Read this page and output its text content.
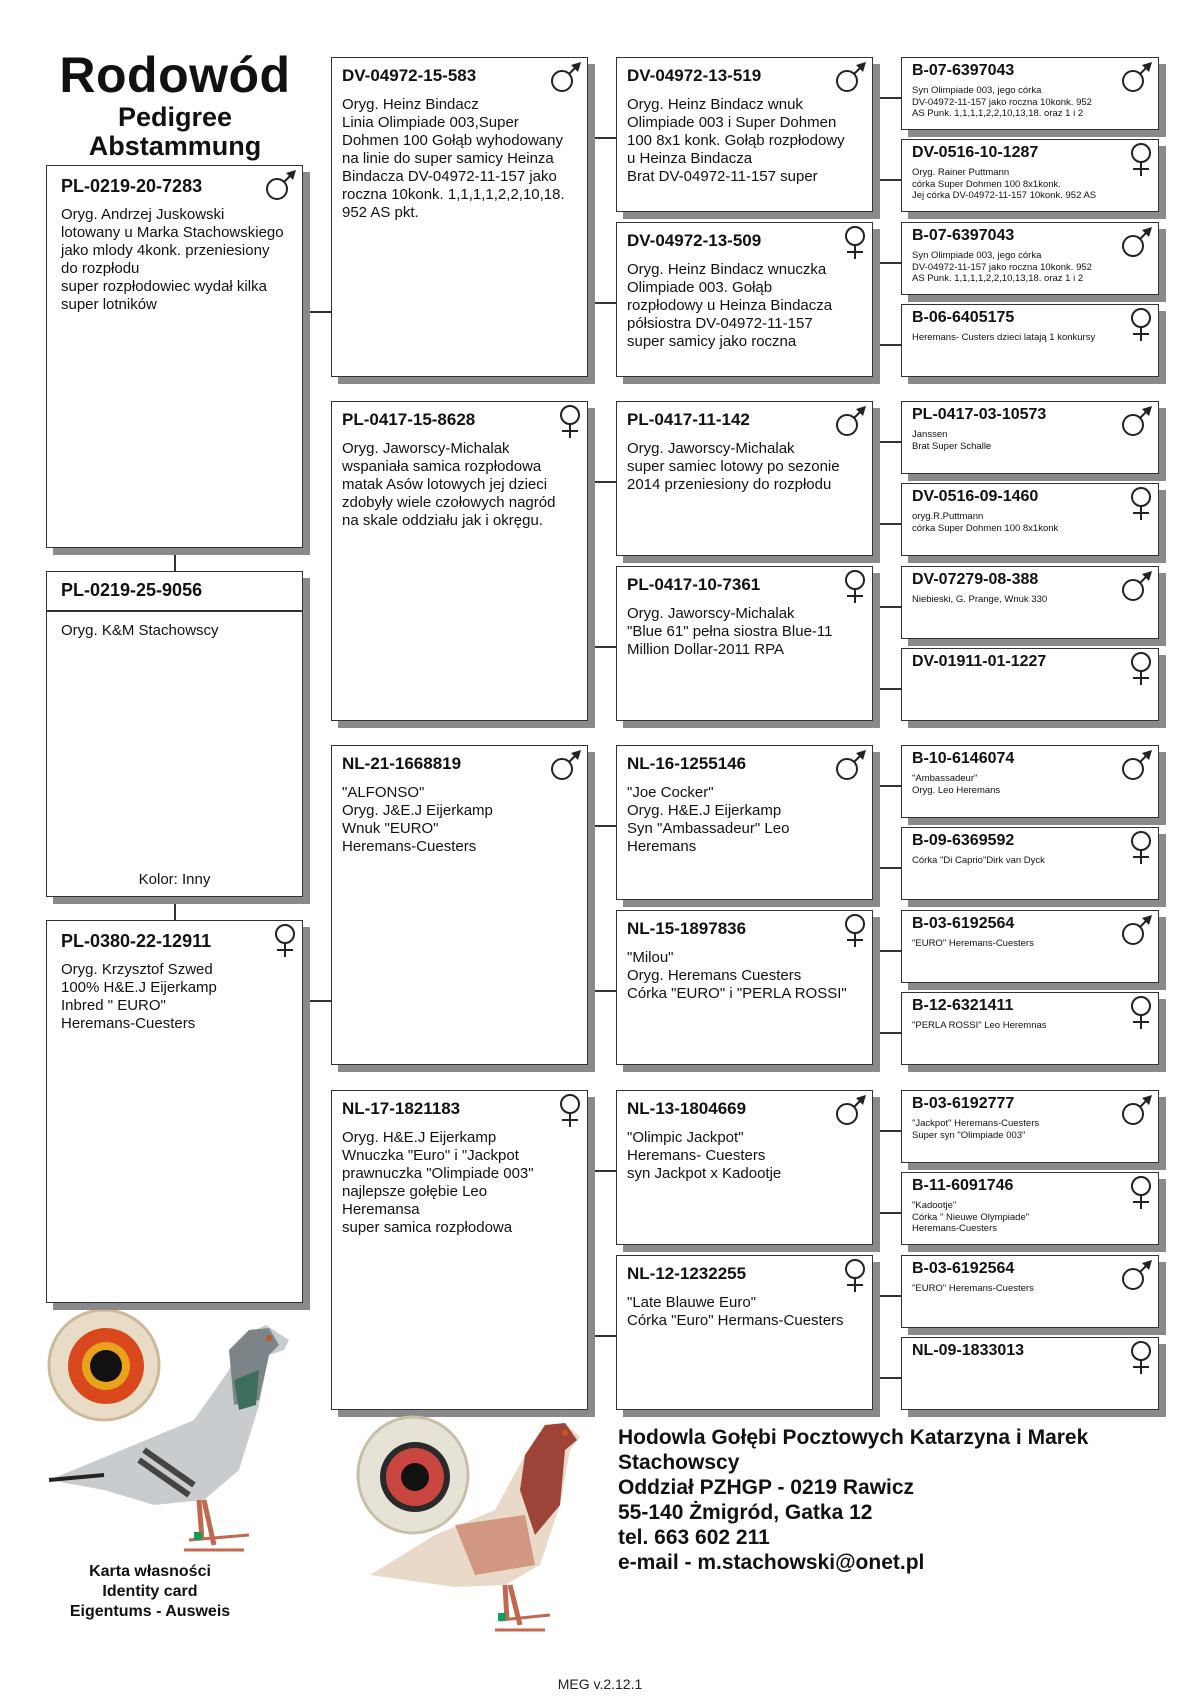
Rodowód
Pedigree
Abstammung
PL-0219-20-7283
Oryg. Andrzej Juskowski
lotowany u Marka Stachowskiego
jako mlody 4konk. przeniesiony
do rozpłodu
super rozpłodowiec wydał kilka
super lotników
PL-0219-25-9056
Oryg. K&M Stachowscy
Kolor: Inny
PL-0380-22-12911
Oryg. Krzysztof Szwed
100% H&E.J Eijerkamp
Inbred " EURO"
Heremans-Cuesters
DV-04972-15-583
Oryg. Heinz Bindacz
Linia Olimpiade 003,Super
Dohmen 100 Gołąb wyhodowany
na linie do super samicy Heinza
Bindacza DV-04972-11-157 jako
roczna 10konk. 1,1,1,1,2,2,10,18.
952 AS pkt.
PL-0417-15-8628
Oryg. Jaworscy-Michalak
wspaniała samica rozpłodowa
matak Asów lotowych jej dzieci
zdobyły wiele czołowych nagród
na skale oddziału jak i okręgu.
NL-21-1668819
"ALFONSO"
Oryg. J&E.J Eijerkamp
Wnuk "EURO"
Heremans-Cuesters
NL-17-1821183
Oryg. H&E.J Eijerkamp
Wnuczka "Euro" i "Jackpot
prawnuczka "Olimpiade 003"
najlepsze gołębie Leo
Heremansa
super samica rozpłodowa
DV-04972-13-519
Oryg. Heinz Bindacz wnuk
Olimpiade 003 i Super Dohmen
100 8x1 konk. Gołąb rozpłodowy
u Heinza Bindacza
Brat DV-04972-11-157 super
DV-04972-13-509
Oryg. Heinz Bindacz wnuczka
Olimpiade 003. Gołąb
rozpłodowy u Heinza Bindacza
półsiostra DV-04972-11-157
super samicy jako roczna
PL-0417-11-142
Oryg. Jaworscy-Michalak
super samiec lotowy po sezonie
2014 przeniesiony do rozpłodu
PL-0417-10-7361
Oryg. Jaworscy-Michalak
"Blue 61" pełna siostra Blue-11
Million Dollar-2011 RPA
NL-16-1255146
"Joe Cocker"
Oryg. H&E.J Eijerkamp
Syn "Ambassadeur" Leo
Heremans
NL-15-1897836
"Milou"
Oryg. Heremans Cuesters
Córka "EURO" i "PERLA ROSSI"
NL-13-1804669
"Olimpic Jackpot"
Heremans- Cuesters
syn Jackpot x Kadootje
NL-12-1232255
"Late Blauwe Euro"
Córka "Euro" Hermans-Cuesters
B-07-6397043
Syn Olimpiade 003, jego córka
DV-04972-11-157 jako roczna 10konk. 952
AS Punk. 1,1,1,1,2,2,10,13,18. oraz 1 i 2
DV-0516-10-1287
Oryg. Rainer Puttmann
córka Super Dohmen 100 8x1konk.
Jej córka DV-04972-11-157 10konk. 952 AS
B-07-6397043
Syn Olimpiade 003, jego córka
DV-04972-11-157 jako roczna 10konk. 952
AS Punk. 1,1,1,1,2,2,10,13,18. oraz 1 i 2
B-06-6405175
Heremans- Custers dzieci latają 1 konkursy
PL-0417-03-10573
Janssen
Brat Super Schalle
DV-0516-09-1460
oryg.R.Puttmann
córka Super Dohmen 100 8x1konk
DV-07279-08-388
Niebieski, G. Prange, Wnuk 330
DV-01911-01-1227
B-10-6146074
"Ambassadeur"
Oryg. Leo Heremans
B-09-6369592
Córka "Di Caprio"Dirk van Dyck
B-03-6192564
"EURO" Heremans-Cuesters
B-12-6321411
"PERLA ROSSI" Leo Heremnas
B-03-6192777
"Jackpot" Heremans-Cuesters
Super syn "Olimpiade 003"
B-11-6091746
"Kadootje"
Córka " Nieuwe Olympiade"
Heremans-Cuesters
B-03-6192564
"EURO" Heremans-Cuesters
NL-09-1833013
Karta własności
Identity card
Eigentums - Ausweis
Hodowla Gołębi Pocztowych Katarzyna i Marek
Stachowscy
Oddział PZHGP - 0219 Rawicz
55-140 Żmigród, Gatka 12
tel. 663 602 211
e-mail - m.stachowski@onet.pl
MEG v.2.12.1
